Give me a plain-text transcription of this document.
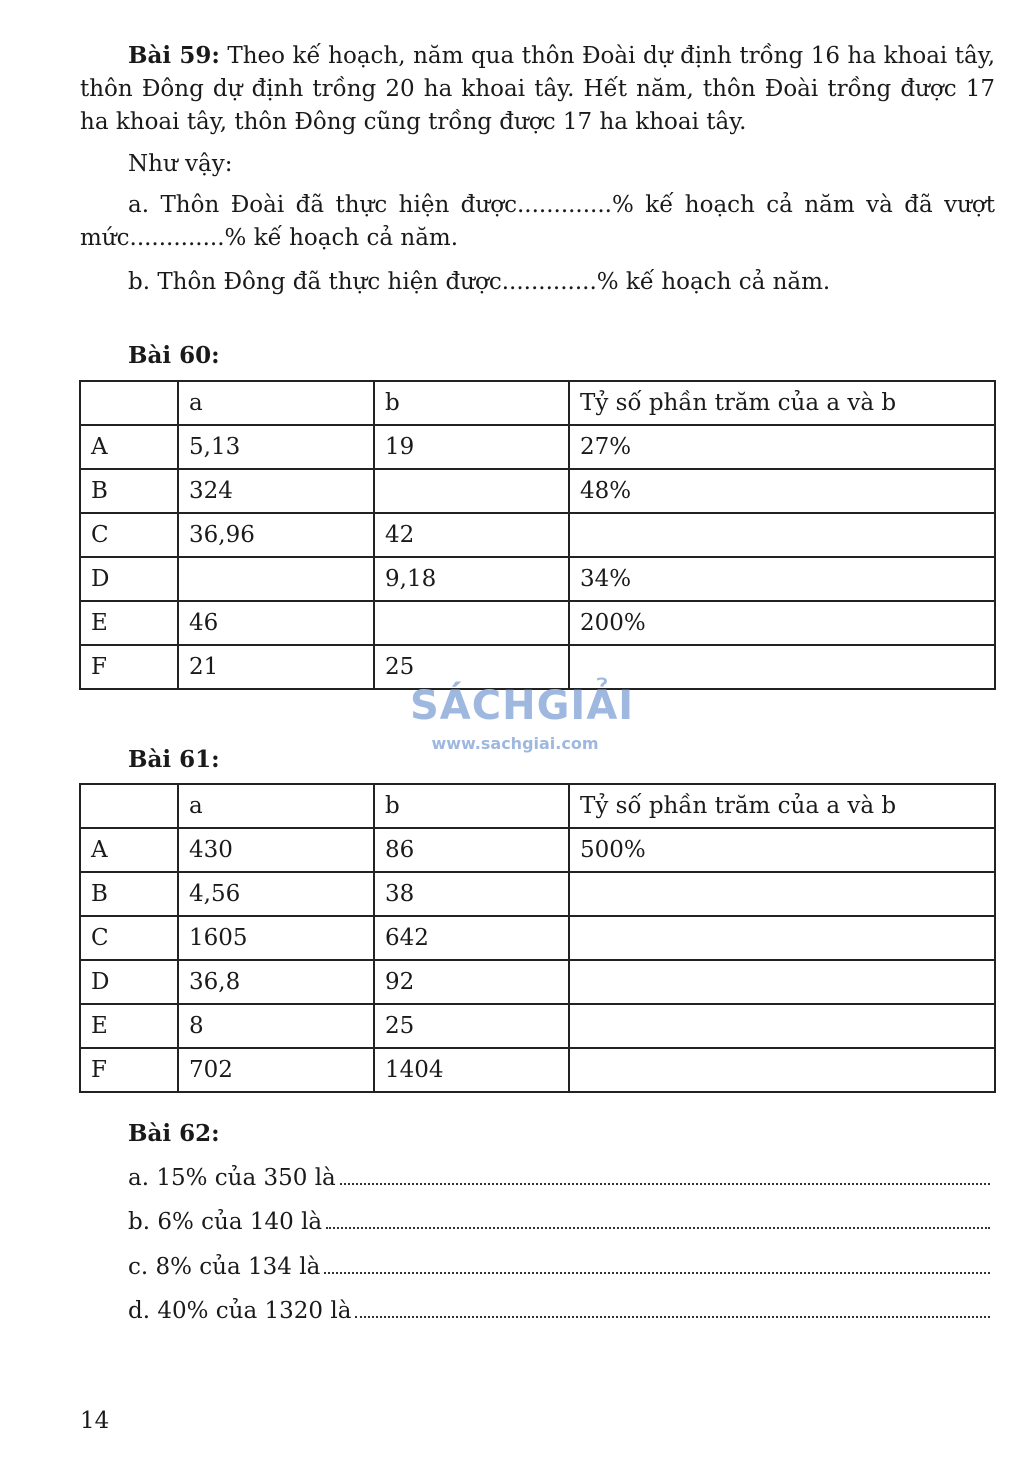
Bài 59: Theo kế hoạch, năm qua thôn Đoài dự định trồng 16 ha khoai tây, thôn Đông dự định trồng 20 ha khoai tây. Hết năm, thôn Đoài trồng được 17 ha khoai tây, thôn Đông cũng trồng được 17 ha khoai tây.

Như vậy:

a. Thôn Đoài đã thực hiện được.............% kế hoạch cả năm và đã vượt mức.............% kế hoạch cả năm.

b. Thôn Đông đã thực hiện được.............% kế hoạch cả năm.

Bài 60:

	a	b	Tỷ số phần trăm của a và b
A	5,13	19	27%
B	324		48%
C	36,96	42	
D		9,18	34%
E	46		200%
F	21	25	
SÁCHGIẢI
www.sachgiai.com

Bài 61:

	a	b	Tỷ số phần trăm của a và b
A	430	86	500%
B	4,56	38	
C	1605	642	
D	36,8	92	
E	8	25	
F	702	1404	

Bài 62:

a. 15% của 350 là
b. 6% của 140 là
c. 8% của 134 là
d. 40% của 1320 là
14
